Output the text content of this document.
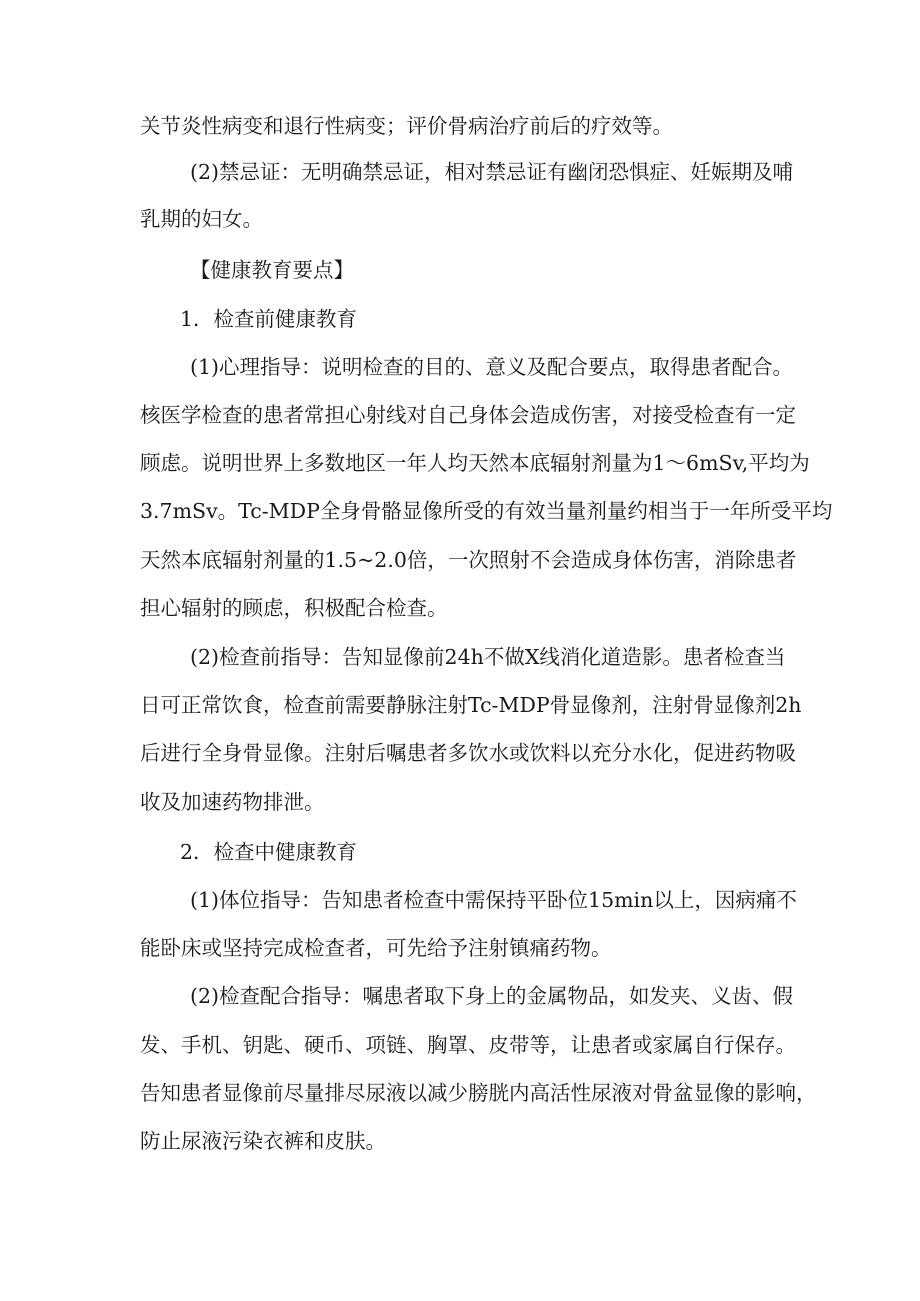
关节炎性病变和退行性病变；评价骨病治疗前后的疗效等。
(2)禁忌证：无明确禁忌证，相对禁忌证有幽闭恐惧症、妊娠期及哺
乳期的妇女。
【健康教育要点】
1．检查前健康教育
(1)心理指导：说明检查的目的、意义及配合要点，取得患者配合。
核医学检查的患者常担心射线对自己身体会造成伤害，对接受检查有一定
顾虑。说明世界上多数地区一年人均天然本底辐射剂量为1～6mSv,平均为
3.7mSv。Tc-MDP全身骨骼显像所受的有效当量剂量约相当于一年所受平均
天然本底辐射剂量的1.5~2.0倍，一次照射不会造成身体伤害，消除患者
担心辐射的顾虑，积极配合检查。
(2)检查前指导：告知显像前24h不做X线消化道造影。患者检查当
日可正常饮食，检查前需要静脉注射Tc-MDP骨显像剂，注射骨显像剂2h
后进行全身骨显像。注射后嘱患者多饮水或饮料以充分水化，促进药物吸
收及加速药物排泄。
2．检查中健康教育
(1)体位指导：告知患者检查中需保持平卧位15min以上，因病痛不
能卧床或坚持完成检查者，可先给予注射镇痛药物。
(2)检查配合指导：嘱患者取下身上的金属物品，如发夹、义齿、假
发、手机、钥匙、硬币、项链、胸罩、皮带等，让患者或家属自行保存。
告知患者显像前尽量排尽尿液以减少膀胱内高活性尿液对骨盆显像的影响，
防止尿液污染衣裤和皮肤。
